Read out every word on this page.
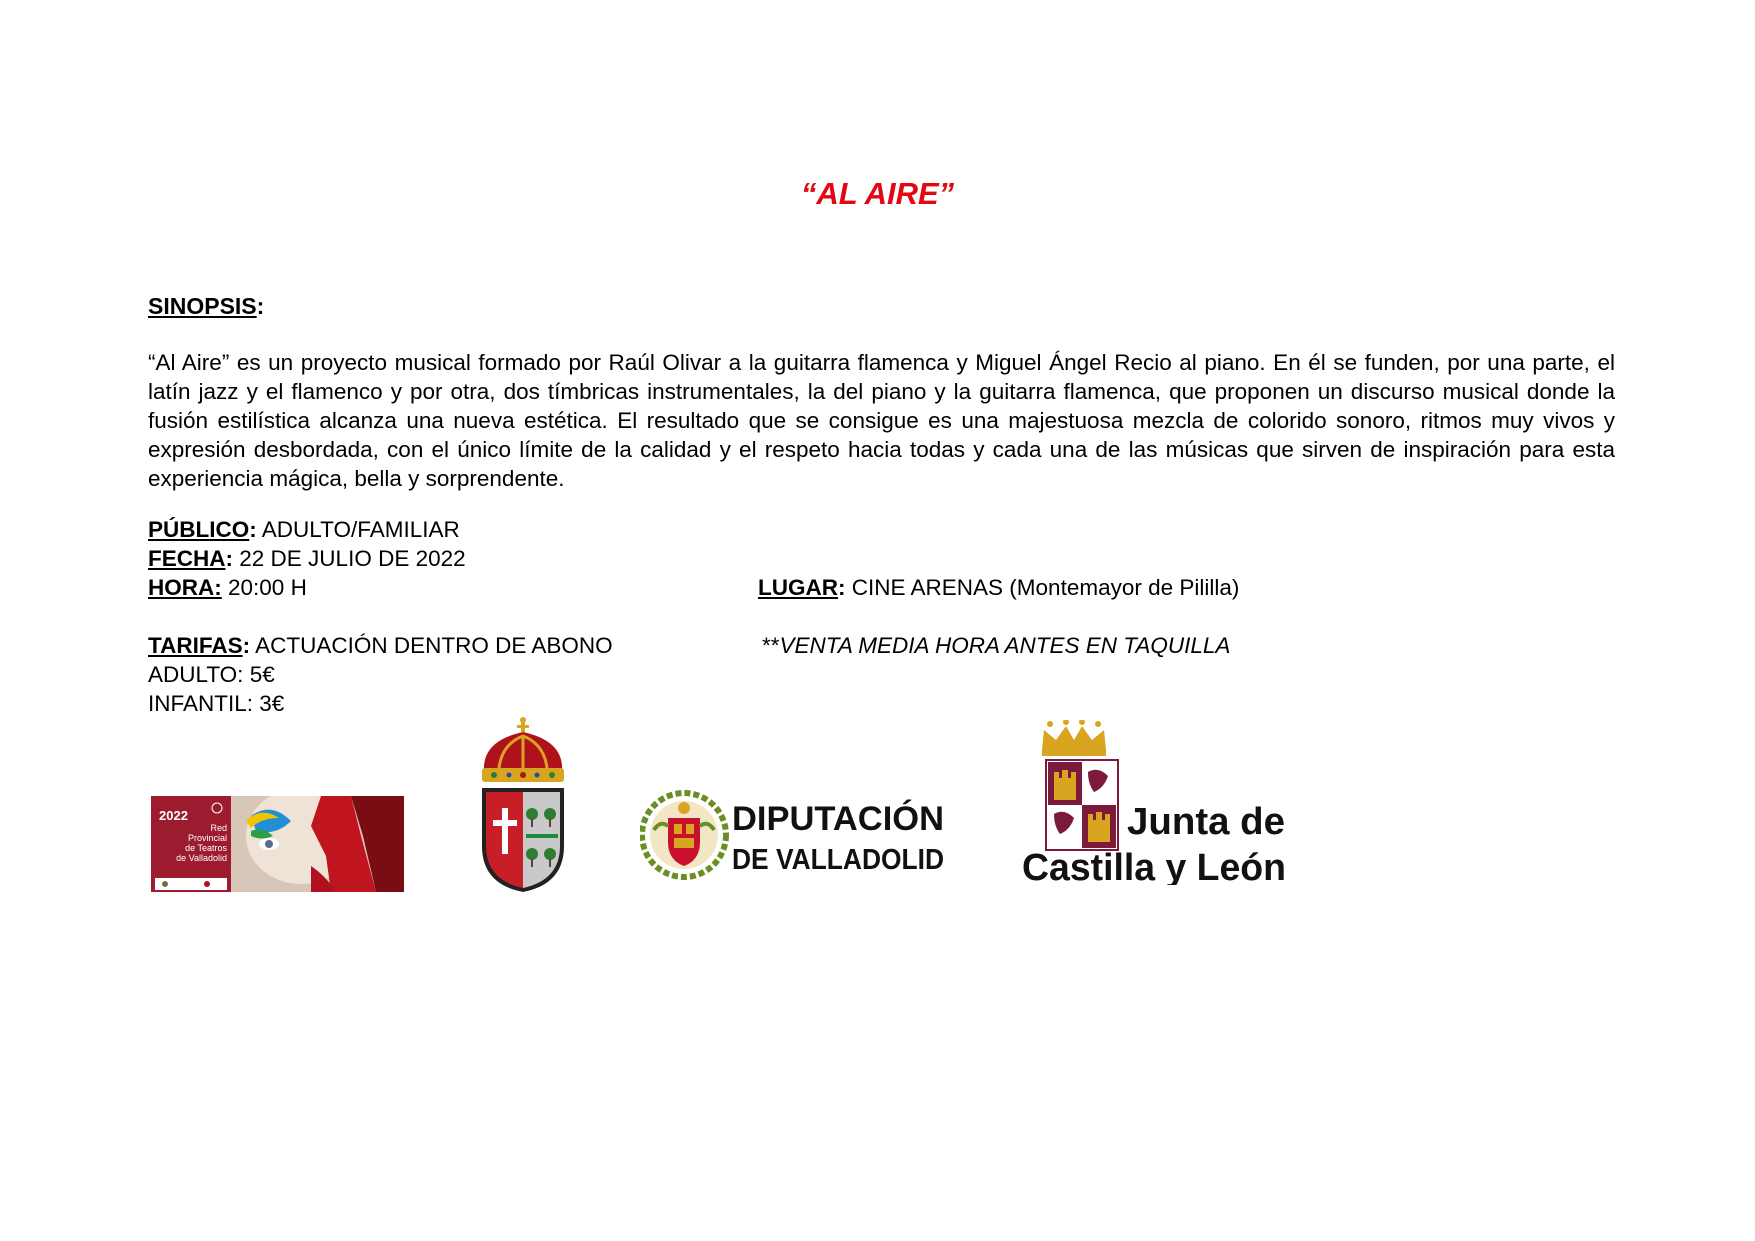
“AL AIRE”
SINOPSIS:
“Al Aire” es un proyecto musical formado por Raúl Olivar a la guitarra flamenca y Miguel Ángel Recio al piano. En él se funden, por una parte, el latín jazz y el flamenco y por otra, dos tímbricas instrumentales, la del piano y la guitarra flamenca, que proponen un discurso musical donde la fusión estilística alcanza una nueva estética. El resultado que se consigue es una majestuosa mezcla de colorido sonoro, ritmos muy vivos y expresión desbordada, con el único límite de la calidad y el respeto hacia todas y cada una de las músicas que sirven de inspiración para esta experiencia mágica, bella y sorprendente.
PÚBLICO: ADULTO/FAMILIAR
FECHA: 22 DE JULIO DE 2022
HORA: 20:00 H	LUGAR: CINE ARENAS (Montemayor de Pililla)
TARIFAS: ACTUACIÓN DENTRO DE ABONO	**VENTA MEDIA HORA ANTES EN TAQUILLA
ADULTO: 5€
INFANTIL: 3€
2022
Red
Provincial
de Teatros
de Valladolid
DIPUTACIÓN
DE VALLADOLID
Junta de
Castilla y León
